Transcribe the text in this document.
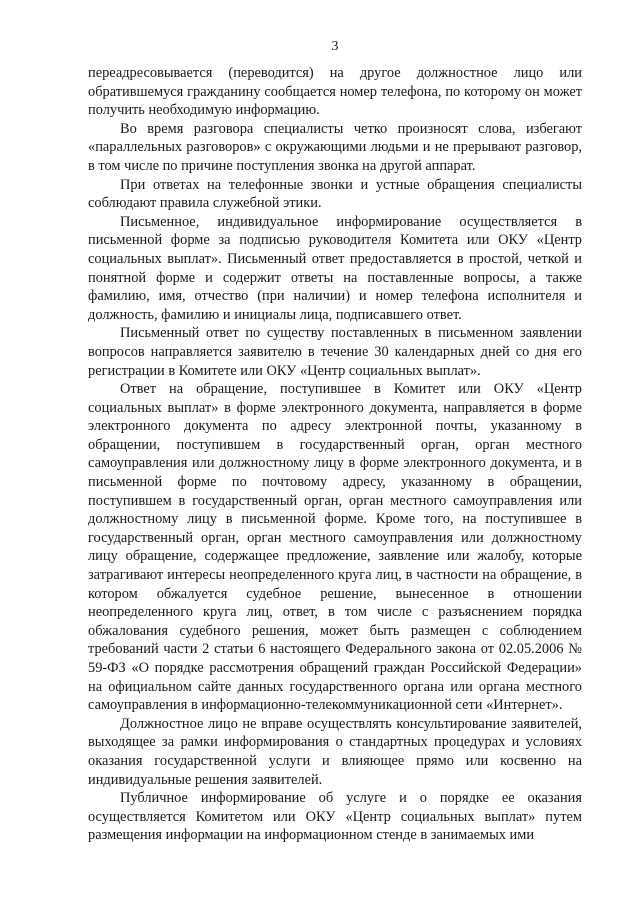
3

переадресовывается (переводится) на другое должностное лицо или обратившемуся гражданину сообщается номер телефона, по которому он может получить необходимую информацию.

Во время разговора специалисты четко произносят слова, избегают «параллельных разговоров» с окружающими людьми и не прерывают разговор, в том числе по причине поступления звонка на другой аппарат.

При ответах на телефонные звонки и устные обращения специалисты соблюдают правила служебной этики.

Письменное, индивидуальное информирование осуществляется в письменной форме за подписью руководителя Комитета или ОКУ «Центр социальных выплат». Письменный ответ предоставляется в простой, четкой и понятной форме и содержит ответы на поставленные вопросы, а также фамилию, имя, отчество (при наличии) и номер телефона исполнителя и должность, фамилию и инициалы лица, подписавшего ответ.

Письменный ответ по существу поставленных в письменном заявлении вопросов направляется заявителю в течение 30 календарных дней со дня его регистрации в Комитете или ОКУ «Центр социальных выплат».

Ответ на обращение, поступившее в Комитет или ОКУ «Центр социальных выплат» в форме электронного документа, направляется в форме электронного документа по адресу электронной почты, указанному в обращении, поступившем в государственный орган, орган местного самоуправления или должностному лицу в форме электронного документа, и в письменной форме по почтовому адресу, указанному в обращении, поступившем в государственный орган, орган местного самоуправления или должностному лицу в письменной форме. Кроме того, на поступившее в государственный орган, орган местного самоуправления или должностному лицу обращение, содержащее предложение, заявление или жалобу, которые затрагивают интересы неопределенного круга лиц, в частности на обращение, в котором обжалуется судебное решение, вынесенное в отношении неопределенного круга лиц, ответ, в том числе с разъяснением порядка обжалования судебного решения, может быть размещен с соблюдением требований части 2 статьи 6 настоящего Федерального закона от 02.05.2006 № 59-ФЗ «О порядке рассмотрения обращений граждан Российской Федерации» на официальном сайте данных государственного органа или органа местного самоуправления в информационно-телекоммуникационной сети «Интернет».

Должностное лицо не вправе осуществлять консультирование заявителей, выходящее за рамки информирования о стандартных процедурах и условиях оказания государственной услуги и влияющее прямо или косвенно на индивидуальные решения заявителей.

Публичное информирование об услуге и о порядке ее оказания осуществляется Комитетом или ОКУ «Центр социальных выплат» путем размещения информации на информационном стенде в занимаемых ими
